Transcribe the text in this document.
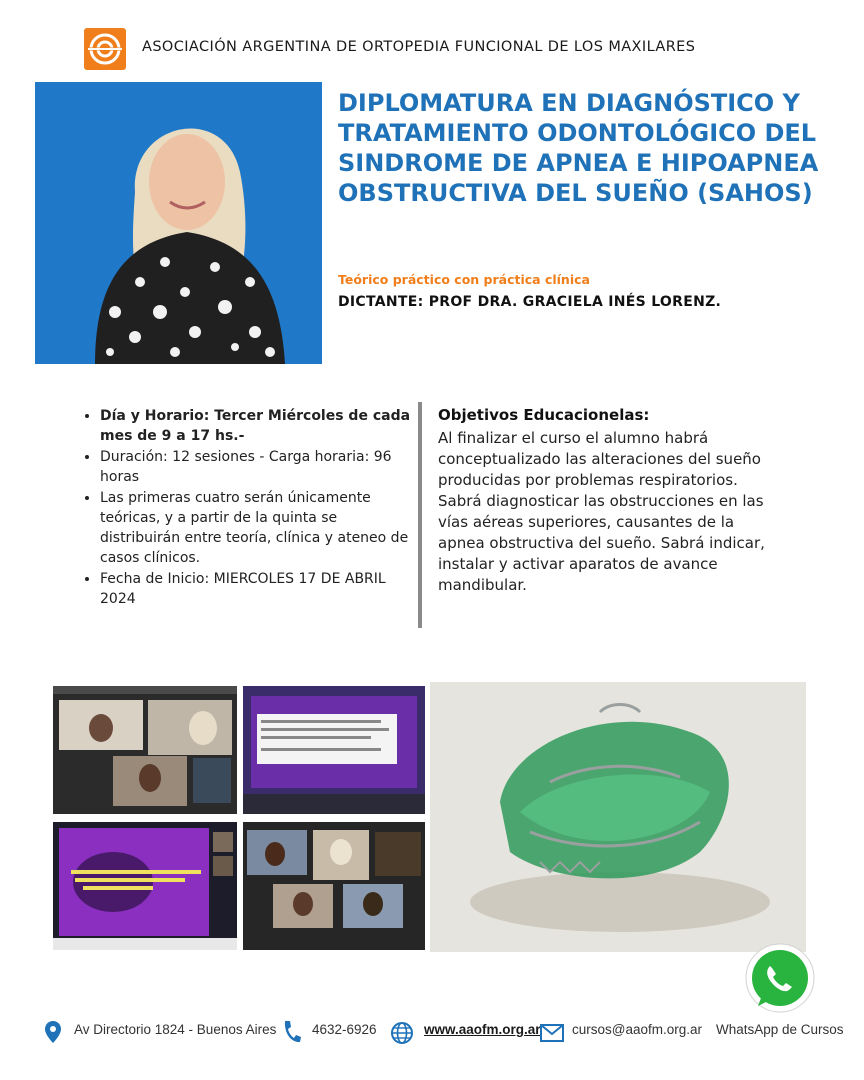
ASOCIACIÓN ARGENTINA DE ORTOPEDIA FUNCIONAL DE LOS MAXILARES
DIPLOMATURA EN DIAGNÓSTICO Y TRATAMIENTO ODONTOLÓGICO DEL SINDROME DE APNEA E HIPOAPNEA OBSTRUCTIVA DEL SUEÑO (SAHOS)
Teórico práctico con práctica clínica
DICTANTE: PROF DRA. GRACIELA INÉS LORENZ.
• Día y Horario: Tercer Miércoles de cada mes de 9 a 17 hs.-
• Duración: 12 sesiones - Carga horaria: 96 horas
• Las primeras cuatro serán únicamente teóricas, y a partir de la quinta se distribuirán entre teoría, clínica y ateneo de casos clínicos.
• Fecha de Inicio: MIERCOLES 17 DE ABRIL 2024
Objetivos Educacionelas:
Al finalizar el curso el alumno habrá conceptualizado las alteraciones del sueño producidas por problemas respiratorios. Sabrá diagnosticar las obstrucciones en las vías aéreas superiores, causantes de la apnea obstructiva del sueño. Sabrá indicar, instalar y activar aparatos de avance mandibular.
Av Directorio 1824 - Buenos Aires	4632-6926	www.aaofm.org.ar cursos@aaofm.org.ar WhatsApp de Cursos
